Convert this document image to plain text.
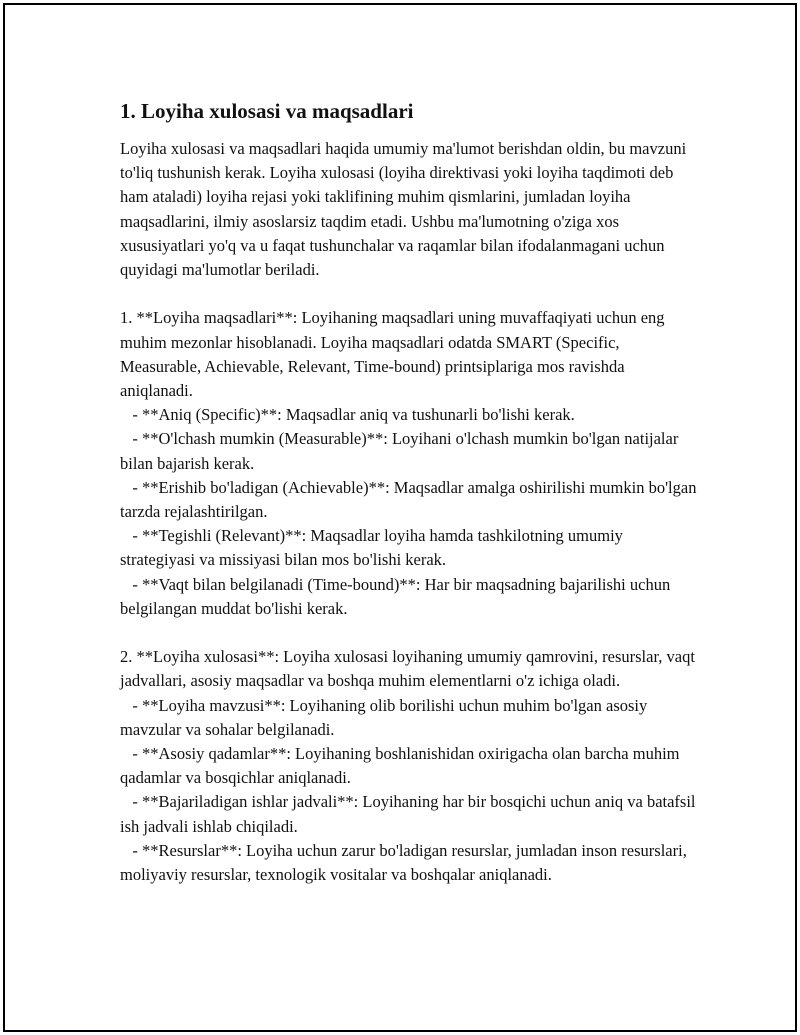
1. Loyiha xulosasi va maqsadlari

Loyiha xulosasi va maqsadlari haqida umumiy ma'lumot berishdan oldin, bu mavzuni to'liq tushunish kerak. Loyiha xulosasi (loyiha direktivasi yoki loyiha taqdimoti deb ham ataladi) loyiha rejasi yoki taklifining muhim qismlarini, jumladan loyiha maqsadlarini, ilmiy asoslarsiz taqdim etadi. Ushbu ma'lumotning o'ziga xos xususiyatlari yo'q va u faqat tushunchalar va raqamlar bilan ifodalanmagani uchun quyidagi ma'lumotlar beriladi.

1. **Loyiha maqsadlari**: Loyihaning maqsadlari uning muvaffaqiyati uchun eng muhim mezonlar hisoblanadi. Loyiha maqsadlari odatda SMART (Specific, Measurable, Achievable, Relevant, Time-bound) printsiplariga mos ravishda aniqlanadi.

- **Aniq (Specific)**: Maqsadlar aniq va tushunarli bo'lishi kerak.

- **O'lchash mumkin (Measurable)**: Loyihani o'lchash mumkin bo'lgan natijalar bilan bajarish kerak.

- **Erishib bo'ladigan (Achievable)**: Maqsadlar amalga oshirilishi mumkin bo'lgan tarzda rejalashtirilgan.

- **Tegishli (Relevant)**: Maqsadlar loyiha hamda tashkilotning umumiy strategiyasi va missiyasi bilan mos bo'lishi kerak.

- **Vaqt bilan belgilanadi (Time-bound)**: Har bir maqsadning bajarilishi uchun belgilangan muddat bo'lishi kerak.

2. **Loyiha xulosasi**: Loyiha xulosasi loyihaning umumiy qamrovini, resurslar, vaqt jadvallari, asosiy maqsadlar va boshqa muhim elementlarni o'z ichiga oladi.

- **Loyiha mavzusi**: Loyihaning olib borilishi uchun muhim bo'lgan asosiy mavzular va sohalar belgilanadi.

- **Asosiy qadamlar**: Loyihaning boshlanishidan oxirigacha olan barcha muhim qadamlar va bosqichlar aniqlanadi.

- **Bajariladigan ishlar jadvali**: Loyihaning har bir bosqichi uchun aniq va batafsil ish jadvali ishlab chiqiladi.

- **Resurslar**: Loyiha uchun zarur bo'ladigan resurslar, jumladan inson resurslari, moliyaviy resurslar, texnologik vositalar va boshqalar aniqlanadi.
